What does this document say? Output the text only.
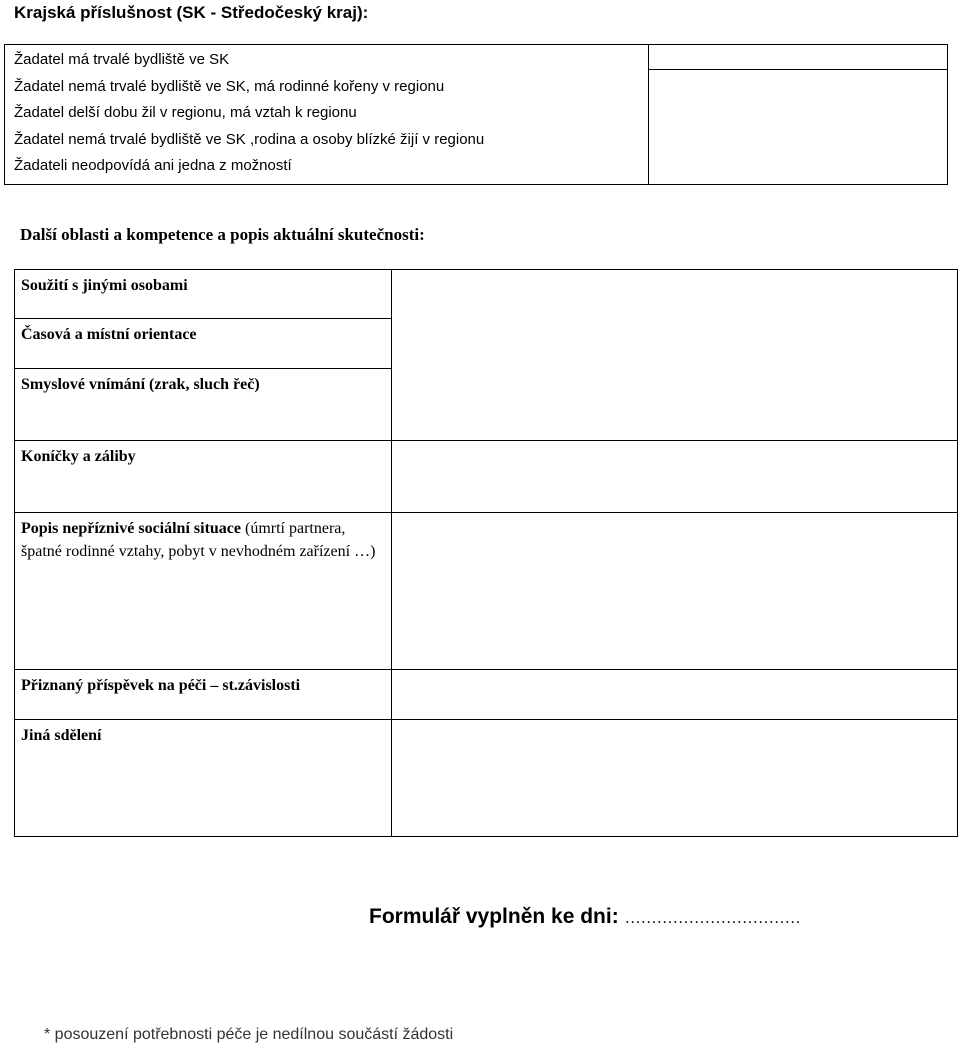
Krajská příslušnost (SK - Středočeský kraj):
Žadatel má trvalé bydliště ve SK
Žadatel nemá trvalé bydliště ve SK, má rodinné kořeny v regionu
Žadatel delší dobu žil v regionu, má vztah k regionu
Žadatel nemá trvalé bydliště ve SK ,rodina a osoby blízké žijí v regionu
Žadateli neodpovídá ani jedna z možností

Další oblasti a kompetence a popis aktuální skutečnosti:
Soužití s jinými osobami	
Časová a místní orientace	
Smyslové vnímání (zrak, sluch řeč)	
Koníčky a záliby	
Popis nepříznivé sociální situace (úmrtí partnera, špatné rodinné vztahy, pobyt v nevhodném zařízení …)	
Přiznaný příspěvek na péči – st.závislosti	
Jiná sdělení	
Formulář vyplněn ke dni: ……………………………
* posouzení potřebnosti péče je nedílnou součástí žádosti
